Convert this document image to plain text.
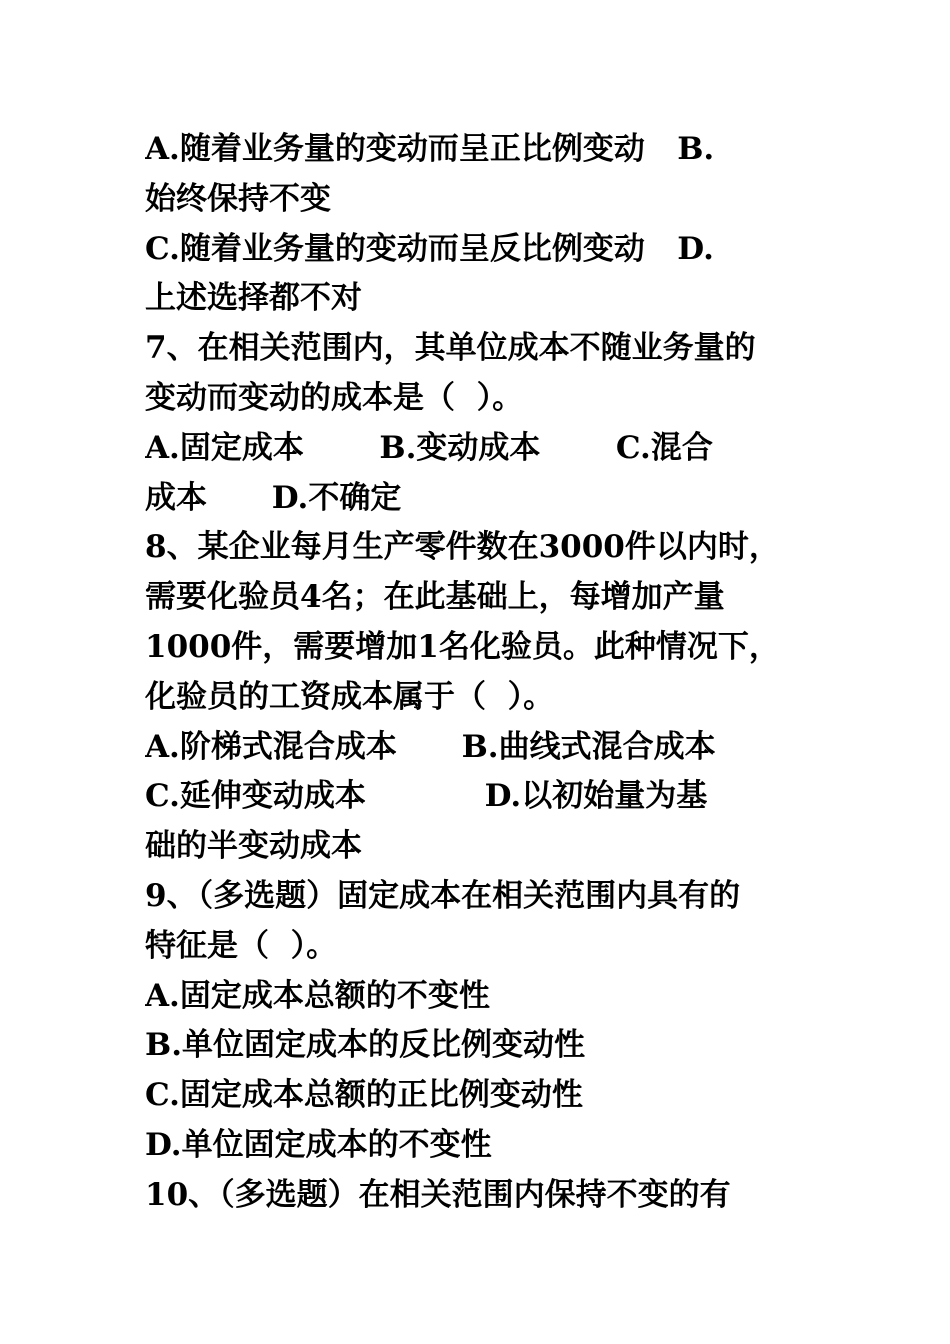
A.随着业务量的变动而呈正比例变动   B.
始终保持不变
C.随着业务量的变动而呈反比例变动   D.
上述选择都不对
7、在相关范围内，其单位成本不随业务量的
变动而变动的成本是（  ）。
A.固定成本       B.变动成本       C.混合
成本      D.不确定
8、某企业每月生产零件数在3000件以内时，
需要化验员4名；在此基础上，每增加产量
1000件，需要增加1名化验员。此种情况下，
化验员的工资成本属于（  ）。
A.阶梯式混合成本      B.曲线式混合成本
C.延伸变动成本           D.以初始量为基
础的半变动成本
9、（多选题）固定成本在相关范围内具有的
特征是（  ）。
A.固定成本总额的不变性
B.单位固定成本的反比例变动性
C.固定成本总额的正比例变动性
D.单位固定成本的不变性
10、（多选题）在相关范围内保持不变的有
